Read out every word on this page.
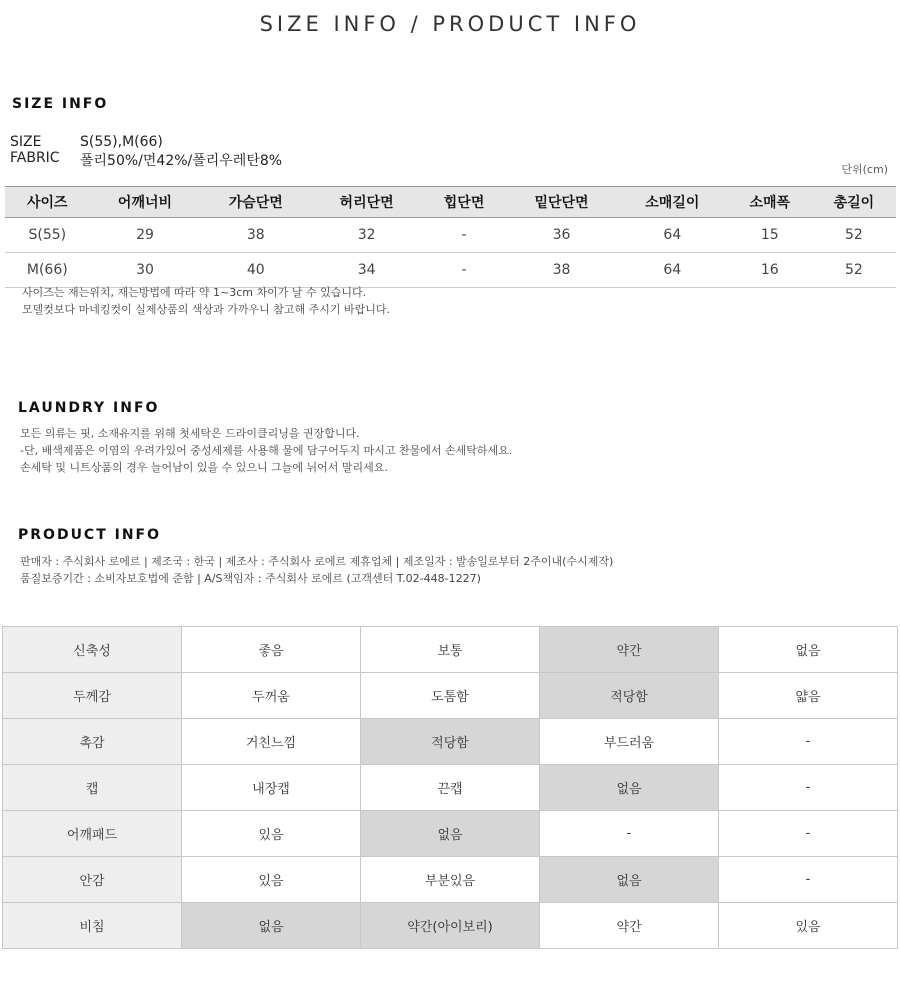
SIZE INFO / PRODUCT INFO
SIZE INFO
SIZE	S(55),M(66)
FABRIC	폴리50%/면42%/폴리우레탄8%
단위(cm)
사이즈	어깨너비	가슴단면	허리단면	힙단면	밑단단면	소매길이	소매폭	총길이
S(55)	29	38	32	-	36	64	15	52
M(66)	30	40	34	-	38	64	16	52
사이즈는 재는위치, 재는방법에 따라 약 1~3cm 차이가 날 수 있습니다.
모델컷보다 마네킹컷이 실제상품의 색상과 가까우니 참고해 주시기 바랍니다.
LAUNDRY INFO
모든 의류는 핏, 소재유지를 위해 첫세탁은 드라이클리닝을 권장합니다.
-단, 배색제품은 이염의 우려가있어 중성세제를 사용해 물에 담구어두지 마시고 찬물에서 손세탁하세요.
손세탁 및 니트상품의 경우 늘어남이 있을 수 있으니 그늘에 뉘어서 말리세요.
PRODUCT INFO
판매자 : 주식회사 로에르 | 제조국 : 한국 | 제조사 : 주식회사 로에르 제휴업체 | 제조일자 : 발송일로부터 2주이내(수시제작)
품질보증기간 : 소비자보호법에 준함 | A/S책임자 : 주식회사 로에르 (고객센터 T.02-448-1227)
신축성	좋음	보통	약간	없음
두께감	두꺼움	도톰함	적당함	얇음
촉감	거친느낌	적당함	부드러움	-
캡	내장캡	끈캡	없음	-
어깨패드	있음	없음	-	-
안감	있음	부분있음	없음	-
비침	없음	약간(아이보리)	약간	있음
